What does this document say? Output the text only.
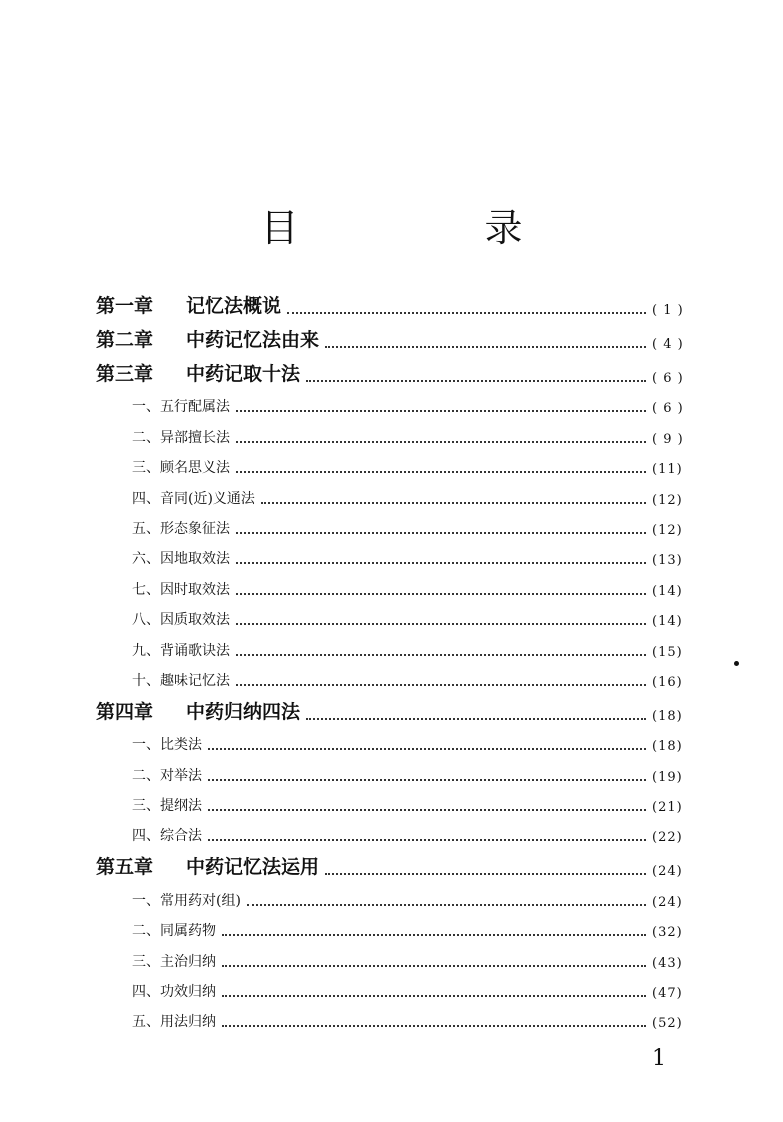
目　录
第一章	记忆法概说	( 1 )
第二章	中药记忆法由来	( 4 )
第三章	中药记取十法	( 6 )
一、五行配属法	( 6 )
二、异部擅长法	( 9 )
三、顾名思义法	(11)
四、音同(近)义通法	(12)
五、形态象征法	(12)
六、因地取效法	(13)
七、因时取效法	(14)
八、因质取效法	(14)
九、背诵歌诀法	(15)
十、趣味记忆法	(16)
第四章	中药归纳四法	(18)
一、比类法	(18)
二、对举法	(19)
三、提纲法	(21)
四、综合法	(22)
第五章	中药记忆法运用	(24)
一、常用药对(组)	(24)
二、同属药物	(32)
三、主治归纳	(43)
四、功效归纳	(47)
五、用法归纳	(52)
1
